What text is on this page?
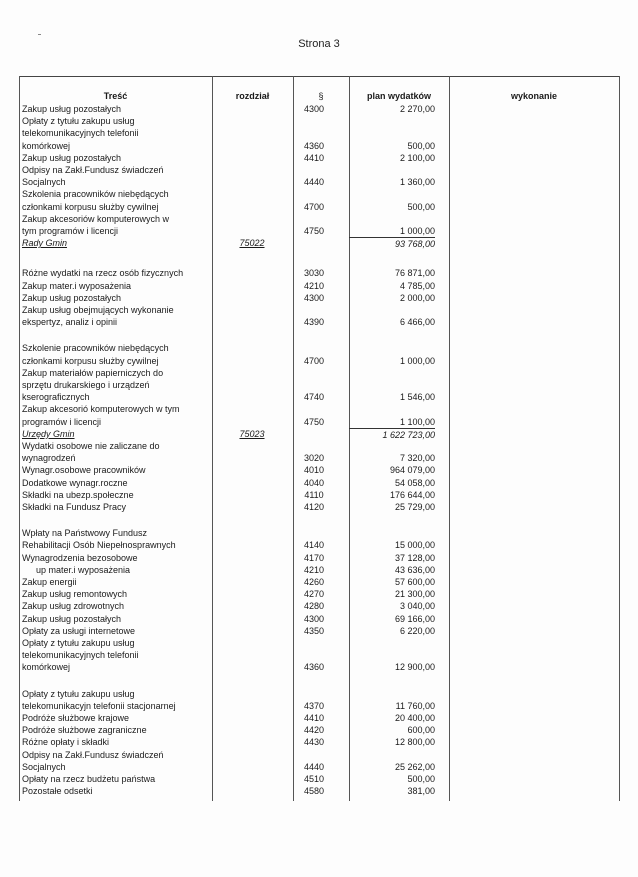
Strona 3
Treść	rozdział	§	plan wydatków	wykonanie
Zakup usług pozostałych	4300	2 270,00
Opłaty z tytułu zakupu usług
telekomunikacyjnych telefonii
komórkowej	4360	500,00
Zakup usług pozostałych	4410	2 100,00
Odpisy na Zakł.Fundusz świadczeń
Socjalnych	4440	1 360,00
Szkolenia pracowników niebędących
członkami korpusu służby cywilnej	4700	500,00
Zakup akcesoriów komputerowych w
tym programów i licencji	4750	1 000,00
Rady Gmin	75022	93 768,00
Różne wydatki na rzecz osób fizycznych	3030	76 871,00
Zakup mater.i wyposażenia	4210	4 785,00
Zakup usług pozostałych	4300	2 000,00
Zakup usług obejmujących wykonanie
ekspertyz, analiz i opinii	4390	6 466,00
Szkolenie pracowników niebędących
członkami korpusu służby cywilnej	4700	1 000,00
Zakup materiałów papierniczych do
sprzętu drukarskiego i urządzeń
kserograficznych	4740	1 546,00
Zakup akcesorió komputerowych w tym
programów i licencji	4750	1 100,00
Urzędy Gmin	75023	1 622 723,00
Wydatki osobowe nie zaliczane do
wynagrodzeń	3020	7 320,00
Wynagr.osobowe pracowników	4010	964 079,00
Dodatkowe wynagr.roczne	4040	54 058,00
Składki na ubezp.społeczne	4110	176 644,00
Składki na Fundusz Pracy	4120	25 729,00
Wpłaty na Państwowy Fundusz
Rehabilitacji Osób Niepełnosprawnych	4140	15 000,00
Wynagrodzenia bezosobowe	4170	37 128,00
up mater.i wyposażenia	4210	43 636,00
Zakup energii	4260	57 600,00
Zakup usług remontowych	4270	21 300,00
Zakup usług zdrowotnych	4280	3 040,00
Zakup usług pozostałych	4300	69 166,00
Opłaty za usługi internetowe	4350	6 220,00
Opłaty z tytułu zakupu usług
telekomunikacyjnych telefonii
komórkowej	4360	12 900,00
Opłaty z tytułu zakupu usług
telekomunikacyjn telefonii stacjonarnej	4370	11 760,00
Podróże służbowe krajowe	4410	20 400,00
Podróże służbowe zagraniczne	4420	600,00
Różne opłaty i składki	4430	12 800,00
Odpisy na Zakł.Fundusz świadczeń
Socjalnych	4440	25 262,00
Opłaty na rzecz budżetu państwa	4510	500,00
Pozostałe odsetki	4580	381,00
